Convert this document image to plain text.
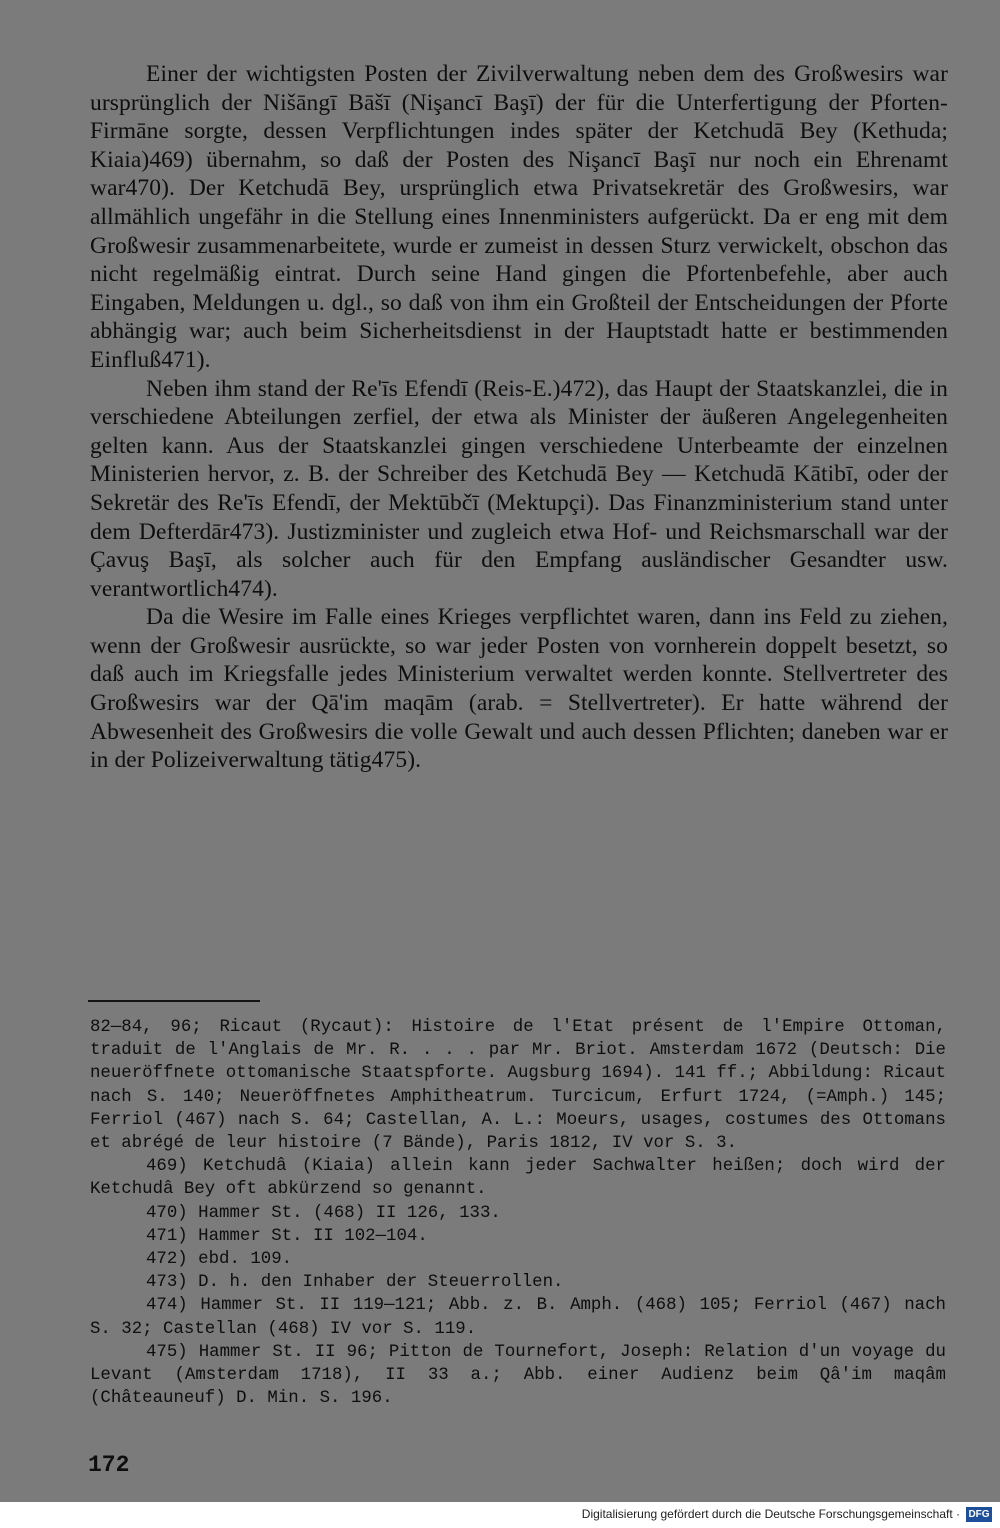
Einer der wichtigsten Posten der Zivilverwaltung neben dem des Großwesirs war ursprünglich der Nišāngī Bāšī (Nişancī Başī) der für die Unterfertigung der Pforten-Firmāne sorgte, dessen Verpflichtungen indes später der Ketchudā Bey (Kethuda; Kiaia)469) übernahm, so daß der Posten des Nişancī Başī nur noch ein Ehrenamt war470). Der Ketchudā Bey, ursprünglich etwa Privatsekretär des Großwesirs, war allmählich ungefähr in die Stellung eines Innenministers aufgerückt. Da er eng mit dem Großwesir zusammenarbeitete, wurde er zumeist in dessen Sturz verwickelt, obschon das nicht regelmäßig eintrat. Durch seine Hand gingen die Pfortenbefehle, aber auch Eingaben, Meldungen u. dgl., so daß von ihm ein Großteil der Entscheidungen der Pforte abhängig war; auch beim Sicherheitsdienst in der Hauptstadt hatte er bestimmenden Einfluß471).

Neben ihm stand der Re'īs Efendī (Reis-E.)472), das Haupt der Staatskanzlei, die in verschiedene Abteilungen zerfiel, der etwa als Minister der äußeren Angelegenheiten gelten kann. Aus der Staatskanzlei gingen verschiedene Unterbeamte der einzelnen Ministerien hervor, z. B. der Schreiber des Ketchudā Bey — Ketchudā Kātibī, oder der Sekretär des Re'īs Efendī, der Mektūbčī (Mektupçi). Das Finanzministerium stand unter dem Defterdār473). Justizminister und zugleich etwa Hof- und Reichsmarschall war der Çavuş Başī, als solcher auch für den Empfang ausländischer Gesandter usw. verantwortlich474).

Da die Wesire im Falle eines Krieges verpflichtet waren, dann ins Feld zu ziehen, wenn der Großwesir ausrückte, so war jeder Posten von vornherein doppelt besetzt, so daß auch im Kriegsfalle jedes Ministerium verwaltet werden konnte. Stellvertreter des Großwesirs war der Qā'im maqām (arab. = Stellvertreter). Er hatte während der Abwesenheit des Großwesirs die volle Gewalt und auch dessen Pflichten; daneben war er in der Polizeiverwaltung tätig475).

82—84, 96; Ricaut (Rycaut): Histoire de l'Etat présent de l'Empire Ottoman, traduit de l'Anglais de Mr. R. . . . par Mr. Briot. Amsterdam 1672 (Deutsch: Die neueröffnete ottomanische Staatspforte. Augsburg 1694). 141 ff.; Abbildung: Ricaut nach S. 140; Neueröffnetes Amphitheatrum. Turcicum, Erfurt 1724, (=Amph.) 145; Ferriol (467) nach S. 64; Castellan, A. L.: Moeurs, usages, costumes des Ottomans et abrégé de leur histoire (7 Bände), Paris 1812, IV vor S. 3.

469) Ketchudâ (Kiaia) allein kann jeder Sachwalter heißen; doch wird der Ketchudâ Bey oft abkürzend so genannt.

470) Hammer St. (468) II 126, 133.

471) Hammer St. II 102—104.

472) ebd. 109.

473) D. h. den Inhaber der Steuerrollen.

474) Hammer St. II 119—121; Abb. z. B. Amph. (468) 105; Ferriol (467) nach S. 32; Castellan (468) IV vor S. 119.

475) Hammer St. II 96; Pitton de Tournefort, Joseph: Relation d'un voyage du Levant (Amsterdam 1718), II 33 a.; Abb. einer Audienz beim Qâ'im maqâm (Châteauneuf) D. Min. S. 196.

172
Digitalisierung gefördert durch die Deutsche Forschungsgemeinschaft · DFG
